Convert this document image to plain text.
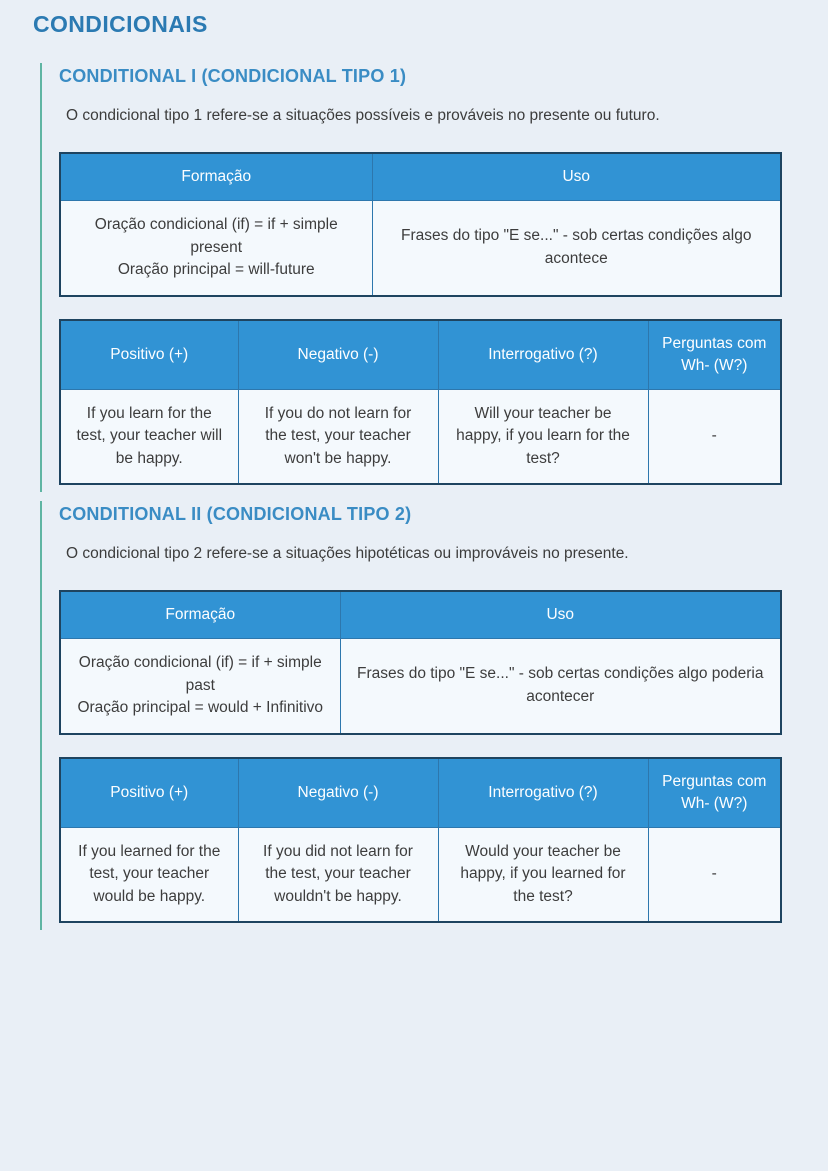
CONDICIONAIS
CONDITIONAL I (CONDICIONAL TIPO 1)

O condicional tipo 1 refere-se a situações possíveis e prováveis no presente ou futuro.

Formação	Uso

Oração condicional (if) = if + simple present
Oração principal = will-future	Frases do tipo "E se..." - sob certas condições algo acontece
Positivo (+)	Negativo (-)	Interrogativo (?)	Perguntas com Wh- (W?)
If you learn for the test, your teacher will be happy.	If you do not learn for the test, your teacher won't be happy.	Will your teacher be happy, if you learn for the test?	-
CONDITIONAL II (CONDICIONAL TIPO 2)

O condicional tipo 2 refere-se a situações hipotéticas ou improváveis no presente.

Formação	Uso

Oração condicional (if) = if + simple past
Oração principal = would + Infinitivo	Frases do tipo "E se..." - sob certas condições algo poderia acontecer
Positivo (+)	Negativo (-)	Interrogativo (?)	Perguntas com Wh- (W?)
If you learned for the test, your teacher would be happy.	If you did not learn for the test, your teacher wouldn't be happy.	Would your teacher be happy, if you learned for the test?	-
